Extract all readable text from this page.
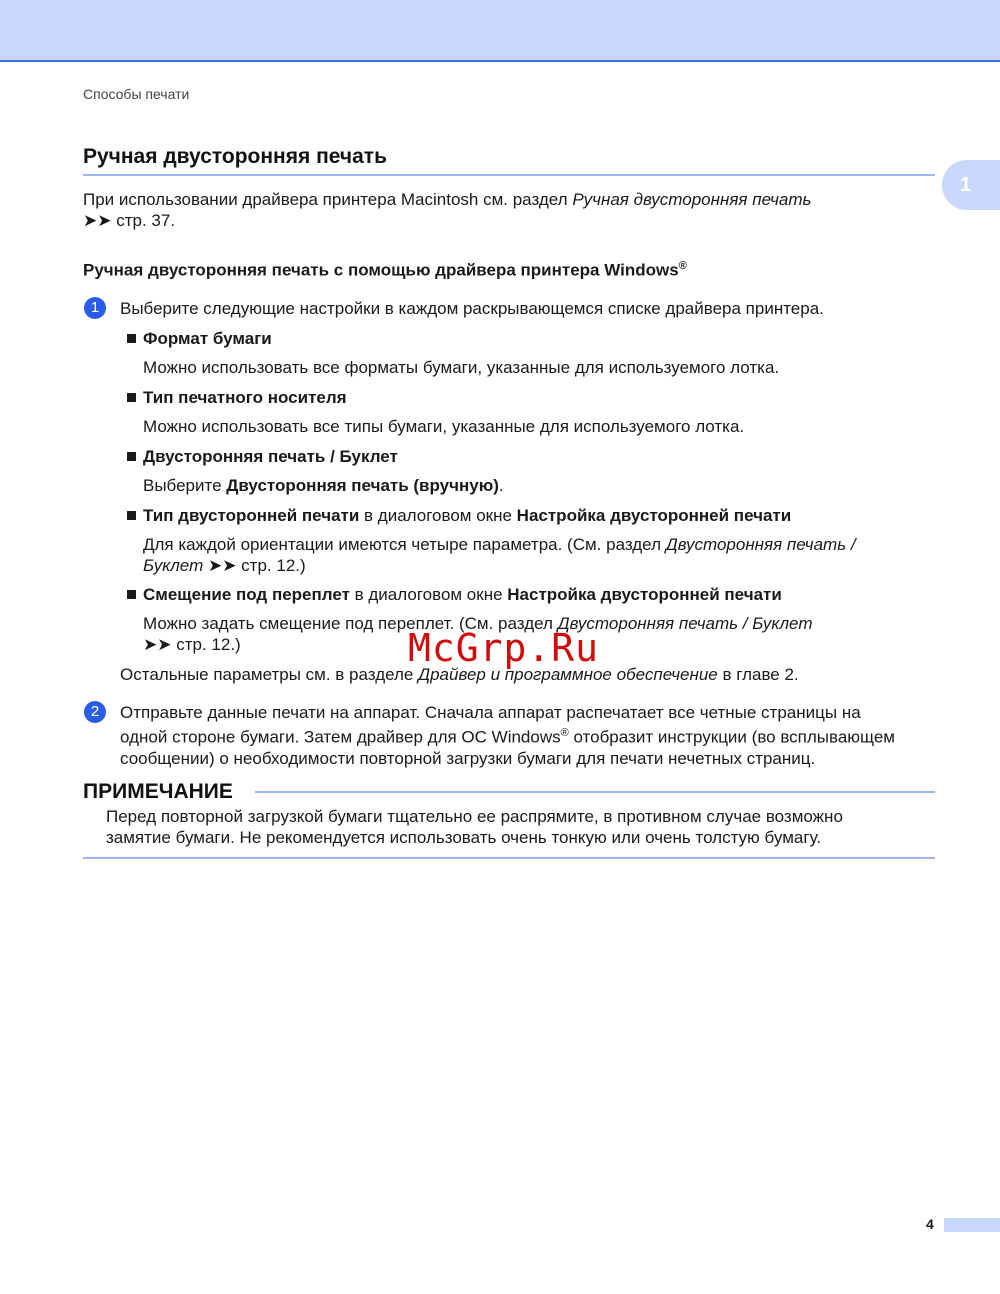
1
Способы печати
Ручная двусторонняя печать
При использовании драйвера принтера Macintosh см. раздел Ручная двусторонняя печать
➤➤ стр. 37.
Ручная двусторонняя печать с помощью драйвера принтера Windows®
1	Выберите следующие настройки в каждом раскрывающемся списке драйвера принтера.
Формат бумаги
Можно использовать все форматы бумаги, указанные для используемого лотка.
Тип печатного носителя
Можно использовать все типы бумаги, указанные для используемого лотка.
Двусторонняя печать / Буклет
Выберите Двусторонняя печать (вручную).
Тип двусторонней печати в диалоговом окне Настройка двусторонней печати
Для каждой ориентации имеются четыре параметра. (См. раздел Двусторонняя печать /
Буклет ➤➤ стр. 12.)
Смещение под переплет в диалоговом окне Настройка двусторонней печати
Можно задать смещение под переплет. (См. раздел Двусторонняя печать / Буклет
➤➤ стр. 12.)
Остальные параметры см. в разделе Драйвер и программное обеспечение в главе 2.
2	Отправьте данные печати на аппарат. Сначала аппарат распечатает все четные страницы на
одной стороне бумаги. Затем драйвер для ОС Windows® отобразит инструкции (во всплывающем
сообщении) о необходимости повторной загрузки бумаги для печати нечетных страниц.
ПРИМЕЧАНИЕ
Перед повторной загрузкой бумаги тщательно ее распрямите, в противном случае возможно
замятие бумаги. Не рекомендуется использовать очень тонкую или очень толстую бумагу.
McGrp.Ru
4
